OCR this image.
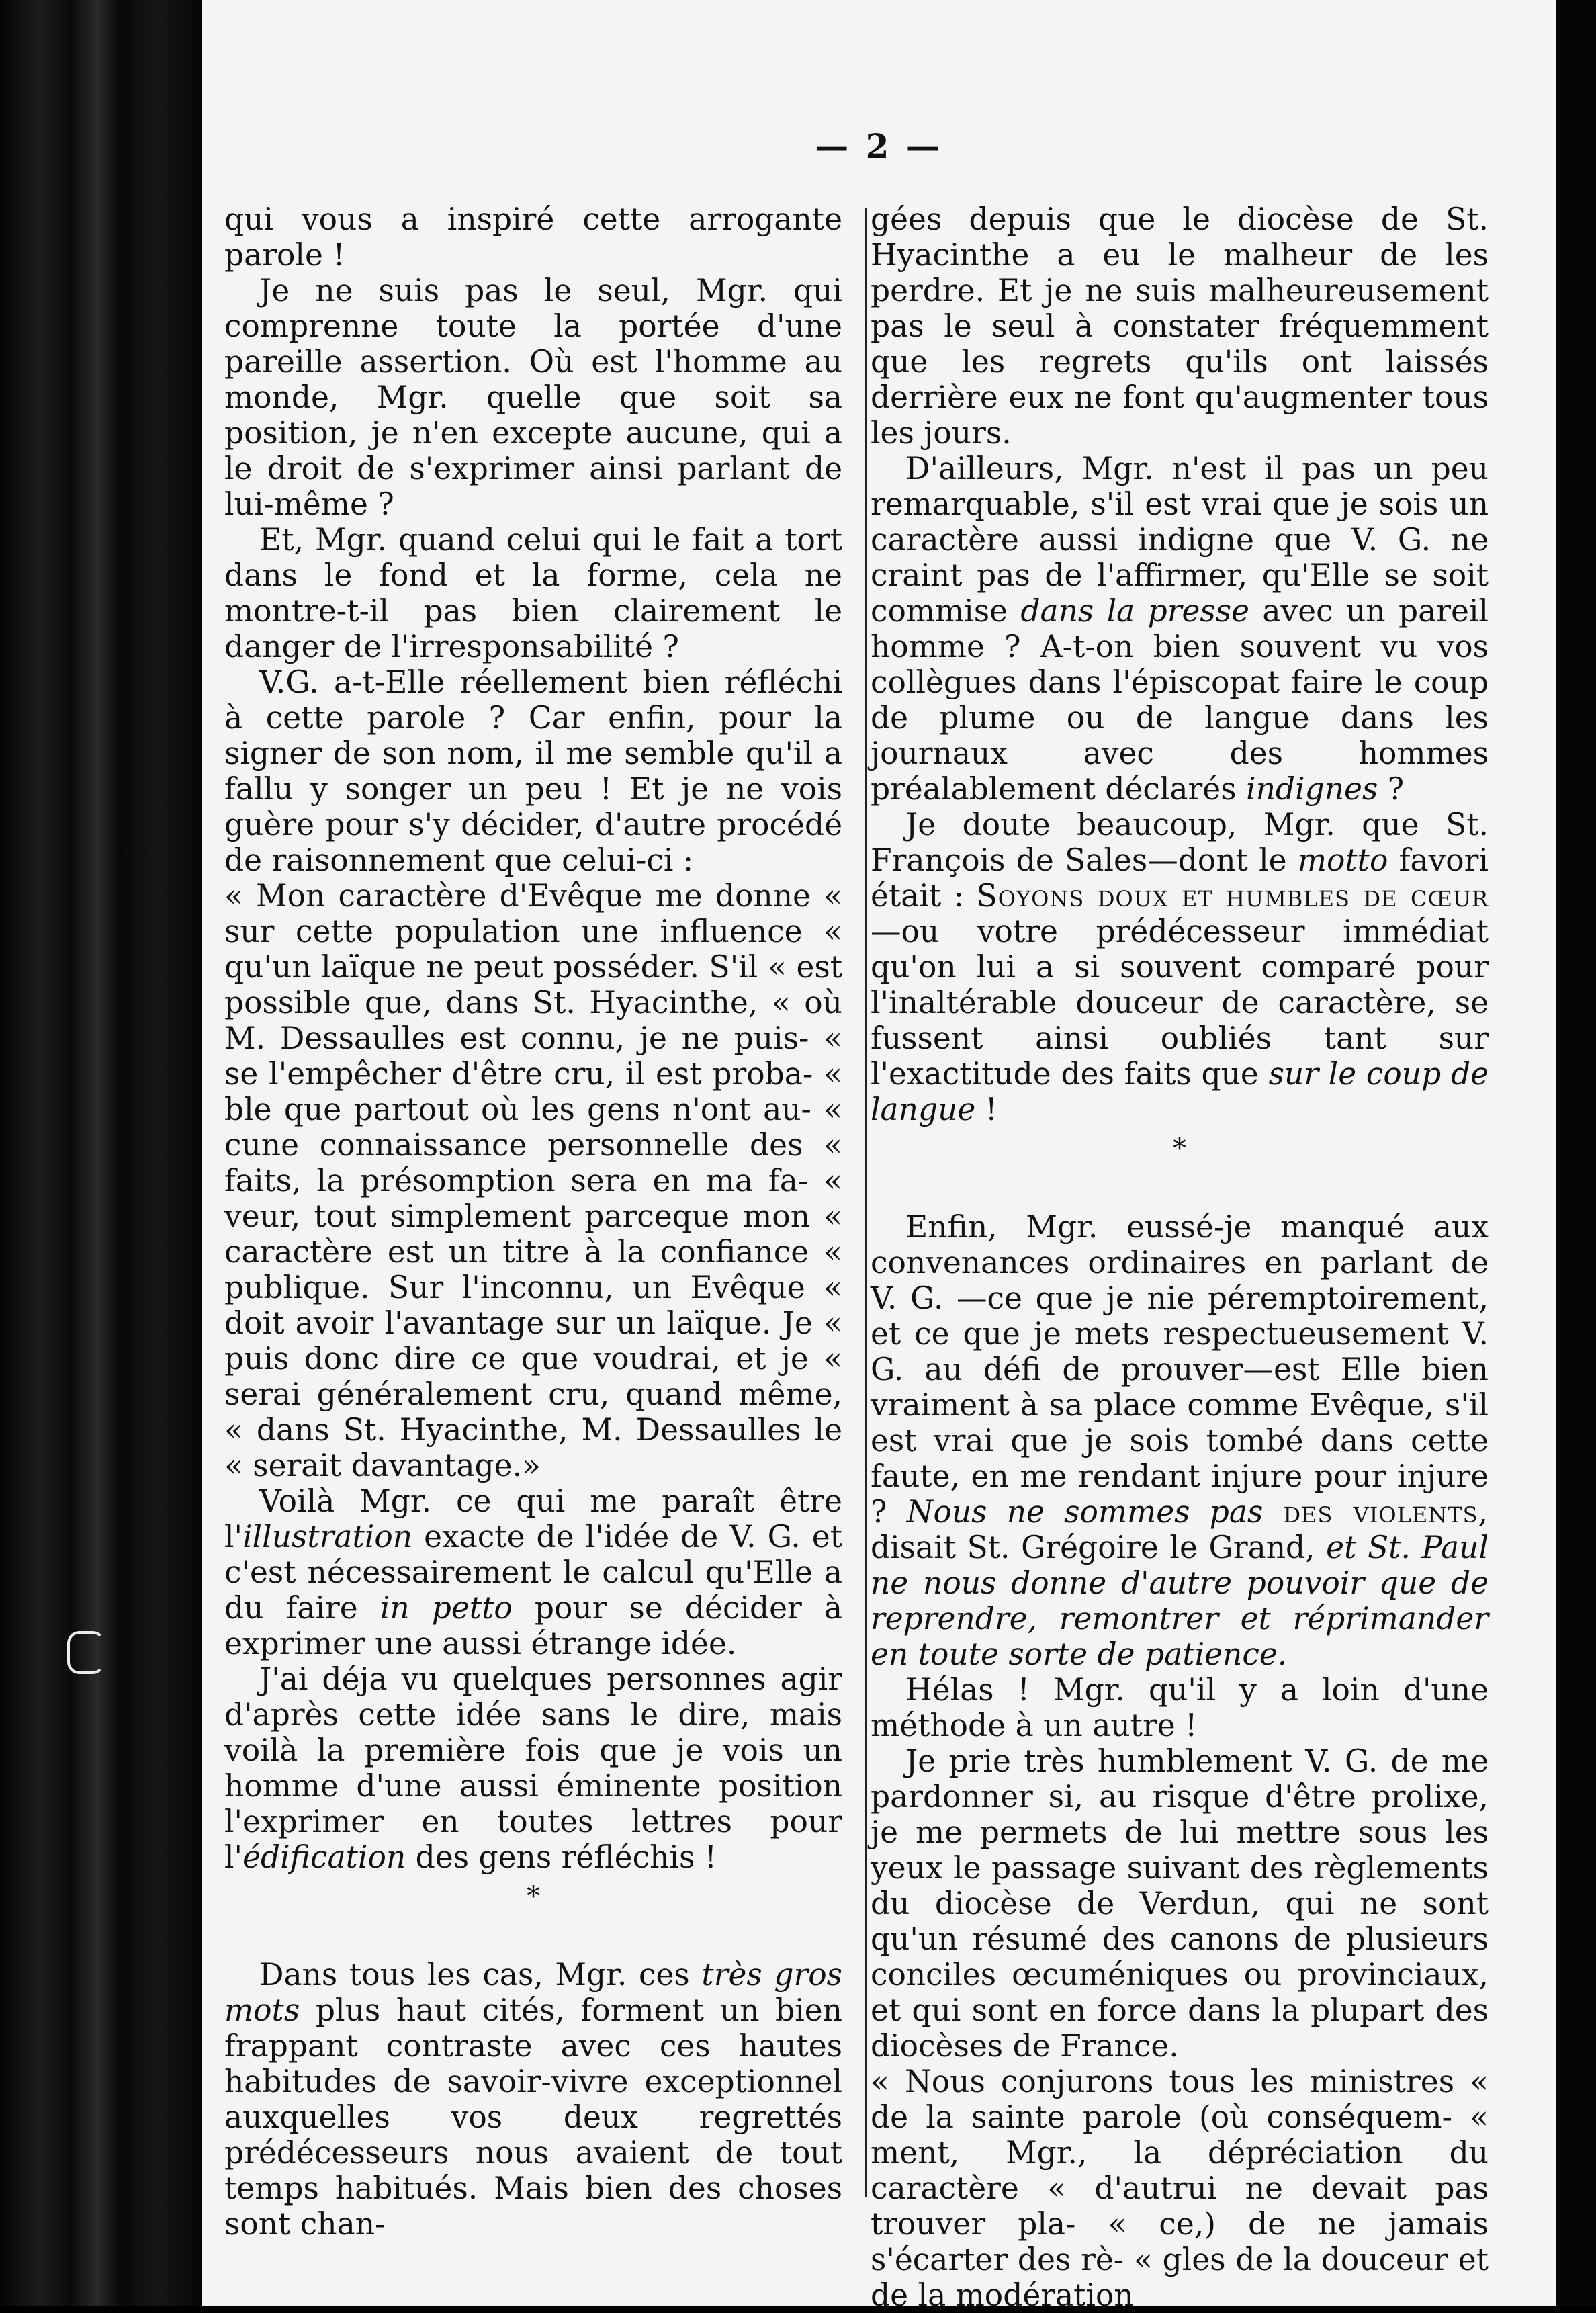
— 2 —

qui vous a inspiré cette arrogante parole !

Je ne suis pas le seul, Mgr. qui comprenne toute la portée d'une pareille assertion. Où est l'homme au monde, Mgr. quelle que soit sa position, je n'en excepte aucune, qui a le droit de s'exprimer ainsi parlant de lui-même ?

Et, Mgr. quand celui qui le fait a tort dans le fond et la forme, cela ne montre-t-il pas bien clairement le danger de l'irresponsabilité ?

V.G. a-t-Elle réellement bien réfléchi à cette parole ? Car enfin, pour la signer de son nom, il me semble qu'il a fallu y songer un peu ! Et je ne vois guère pour s'y décider, d'autre procédé de raisonnement que celui-ci :

« Mon caractère d'Evêque me donne « sur cette population une influence « qu'un laïque ne peut posséder. S'il « est possible que, dans St. Hyacinthe, « où M. Dessaulles est connu, je ne puis- « se l'empêcher d'être cru, il est proba- « ble que partout où les gens n'ont au- « cune connaissance personnelle des « faits, la présomption sera en ma fa- « veur, tout simplement parceque mon « caractère est un titre à la confiance « publique. Sur l'inconnu, un Evêque « doit avoir l'avantage sur un laïque. Je « puis donc dire ce que voudrai, et je « serai généralement cru, quand même, « dans St. Hyacinthe, M. Dessaulles le « serait davantage.»

Voilà Mgr. ce qui me paraît être l'illustration exacte de l'idée de V. G. et c'est nécessairement le calcul qu'Elle a du faire in petto pour se décider à exprimer une aussi étrange idée.

J'ai déja vu quelques personnes agir d'après cette idée sans le dire, mais voilà la première fois que je vois un homme d'une aussi éminente position l'exprimer en toutes lettres pour l'édification des gens réfléchis !

*

Dans tous les cas, Mgr. ces très gros mots plus haut cités, forment un bien frappant contraste avec ces hautes habitudes de savoir-vivre exceptionnel auxquelles vos deux regrettés prédécesseurs nous avaient de tout temps habitués. Mais bien des choses sont chan-

gées depuis que le diocèse de St. Hyacinthe a eu le malheur de les perdre. Et je ne suis malheureusement pas le seul à constater fréquemment que les regrets qu'ils ont laissés derrière eux ne font qu'augmenter tous les jours.

D'ailleurs, Mgr. n'est il pas un peu remarquable, s'il est vrai que je sois un caractère aussi indigne que V. G. ne craint pas de l'affirmer, qu'Elle se soit commise dans la presse avec un pareil homme ? A-t-on bien souvent vu vos collègues dans l'épiscopat faire le coup de plume ou de langue dans les journaux avec des hommes préalablement déclarés indignes ?

Je doute beaucoup, Mgr. que St. François de Sales—dont le motto favori était : Soyons doux et humbles de cœur—ou votre prédécesseur immédiat qu'on lui a si souvent comparé pour l'inaltérable douceur de caractère, se fussent ainsi oubliés tant sur l'exactitude des faits que sur le coup de langue !

*

Enfin, Mgr. eussé-je manqué aux convenances ordinaires en parlant de V. G. —ce que je nie péremptoirement, et ce que je mets respectueusement V. G. au défi de prouver—est Elle bien vraiment à sa place comme Evêque, s'il est vrai que je sois tombé dans cette faute, en me rendant injure pour injure ? Nous ne sommes pas des violents, disait St. Grégoire le Grand, et St. Paul ne nous donne d'autre pouvoir que de reprendre, remontrer et réprimander en toute sorte de patience.

Hélas ! Mgr. qu'il y a loin d'une méthode à un autre !

Je prie très humblement V. G. de me pardonner si, au risque d'être prolixe, je me permets de lui mettre sous les yeux le passage suivant des règlements du diocèse de Verdun, qui ne sont qu'un résumé des canons de plusieurs conciles œcuméniques ou provinciaux, et qui sont en force dans la plupart des diocèses de France.

« Nous conjurons tous les ministres « de la sainte parole (où conséquem- « ment, Mgr., la dépréciation du caractère « d'autrui ne devait pas trouver pla- « ce,) de ne jamais s'écarter des rè- « gles de la douceur et de la modération
